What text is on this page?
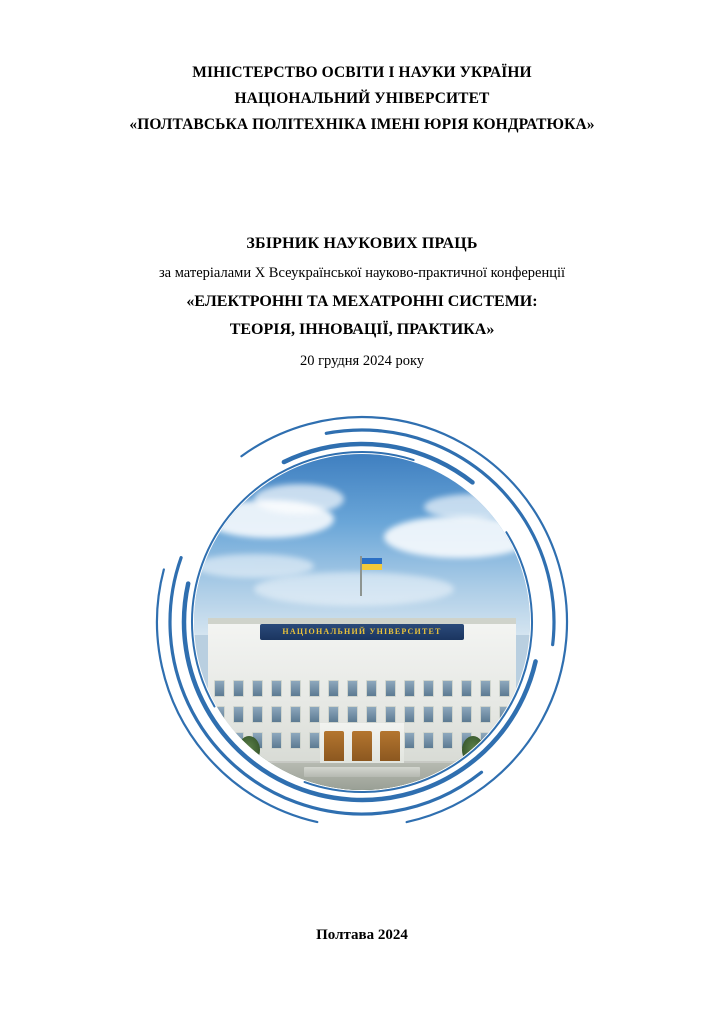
МІНІСТЕРСТВО ОСВІТИ І НАУКИ УКРАЇНИ
НАЦІОНАЛЬНИЙ УНІВЕРСИТЕТ
«ПОЛТАВСЬКА ПОЛІТЕХНІКА ІМЕНІ ЮРІЯ КОНДРАТЮКА»
ЗБІРНИК НАУКОВИХ ПРАЦЬ
за матеріалами X Всеукраїнської науково-практичної конференції
«ЕЛЕКТРОННІ ТА МЕХАТРОННІ СИСТЕМИ:
ТЕОРІЯ, ІННОВАЦІЇ, ПРАКТИКА»
20 грудня 2024 року
НАЦІОНАЛЬНИЙ УНІВЕРСИТЕТ
Полтава 2024
